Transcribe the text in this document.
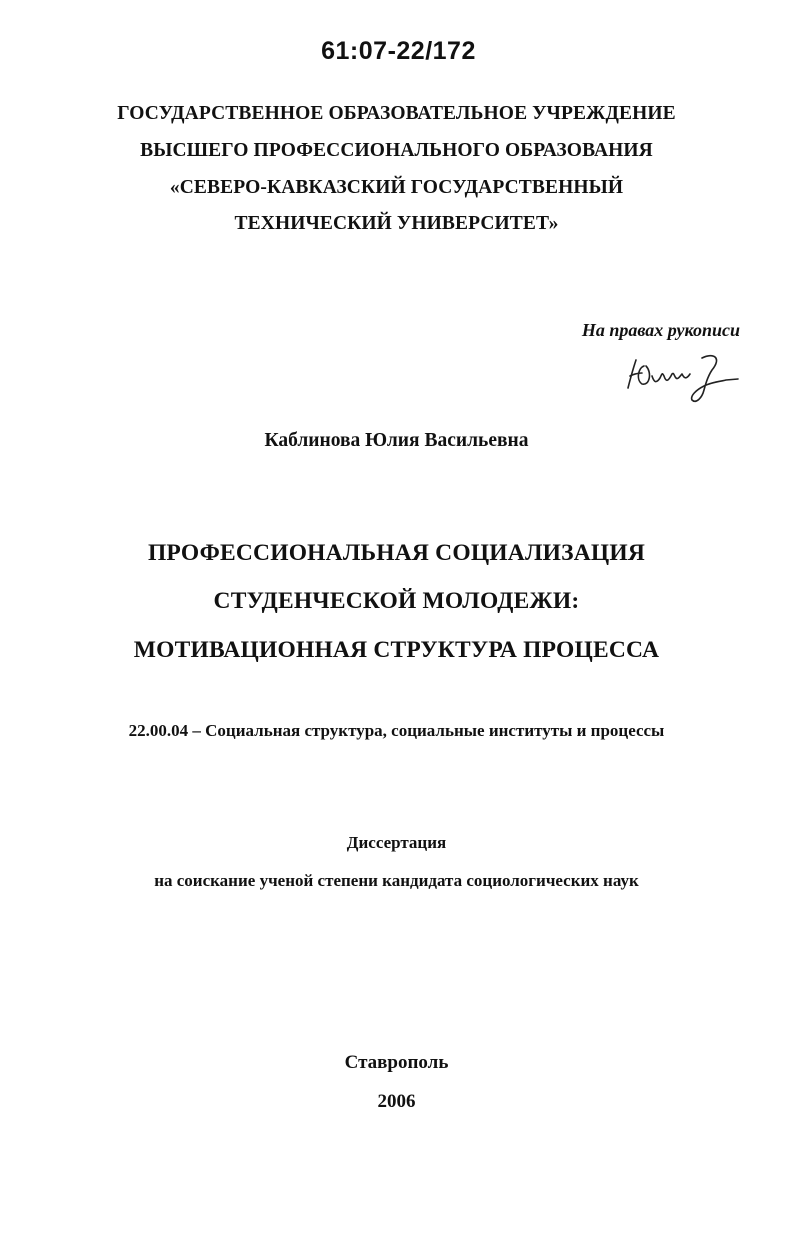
61:07-22/172
ГОСУДАРСТВЕННОЕ ОБРАЗОВАТЕЛЬНОЕ УЧРЕЖДЕНИЕ
ВЫСШЕГО ПРОФЕССИОНАЛЬНОГО ОБРАЗОВАНИЯ
«СЕВЕРО-КАВКАЗСКИЙ ГОСУДАРСТВЕННЫЙ
ТЕХНИЧЕСКИЙ УНИВЕРСИТЕТ»
На правах рукописи
Каблинова Юлия Васильевна
ПРОФЕССИОНАЛЬНАЯ СОЦИАЛИЗАЦИЯ
СТУДЕНЧЕСКОЙ МОЛОДЕЖИ:
МОТИВАЦИОННАЯ СТРУКТУРА ПРОЦЕССА
22.00.04 – Социальная структура, социальные институты и процессы
Диссертация
на соискание ученой степени кандидата социологических наук
Ставрополь
2006
